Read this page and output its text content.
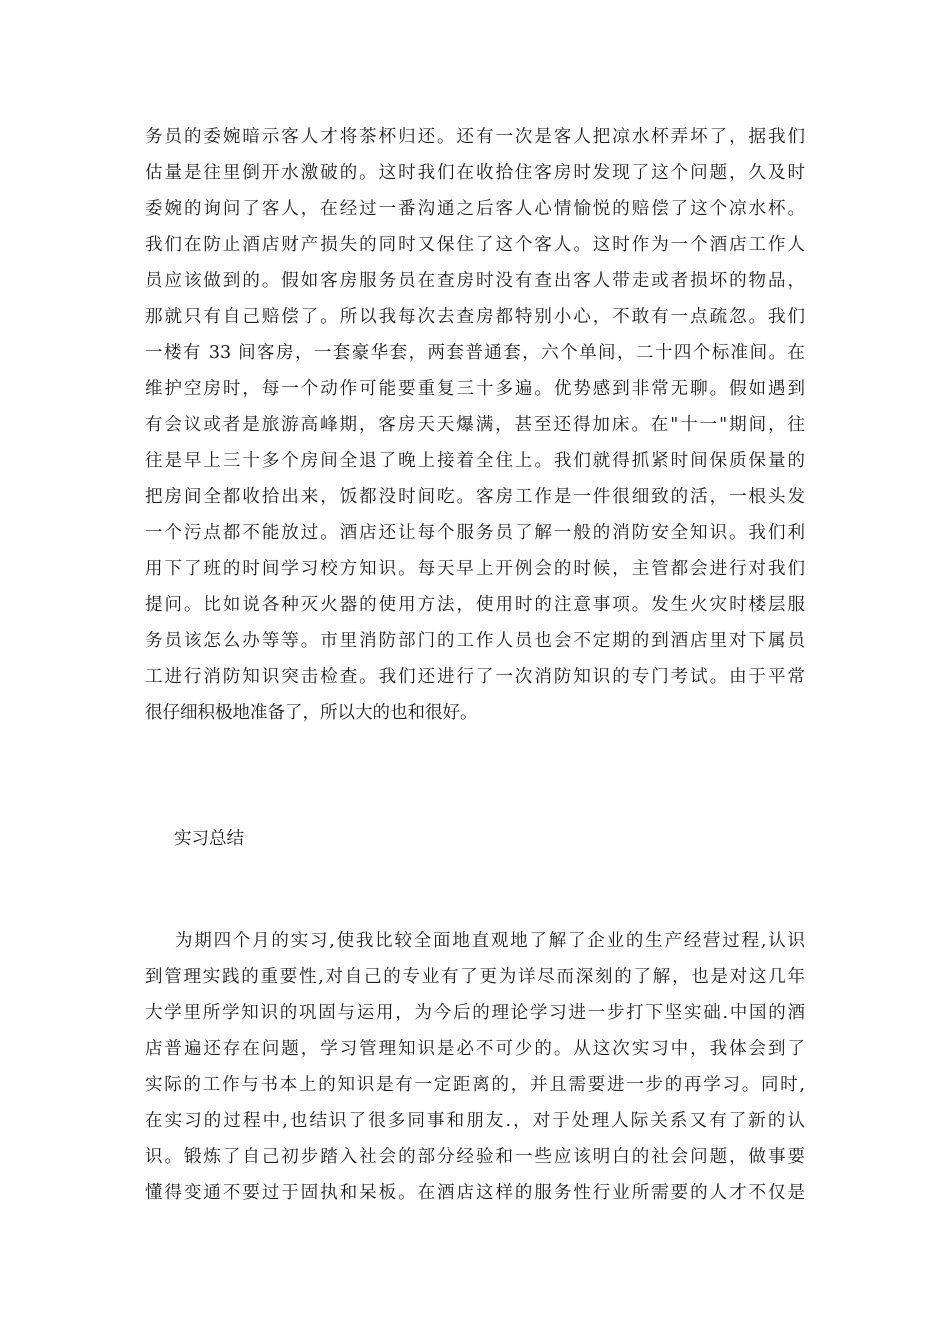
务员的委婉暗示客人才将茶杯归还。还有一次是客人把凉水杯弄坏了，据我们
估量是往里倒开水激破的。这时我们在收拾住客房时发现了这个问题，久及时
委婉的询问了客人，在经过一番沟通之后客人心情愉悦的赔偿了这个凉水杯。
我们在防止酒店财产损失的同时又保住了这个客人。这时作为一个酒店工作人
员应该做到的。假如客房服务员在查房时没有查出客人带走或者损坏的物品，
那就只有自己赔偿了。所以我每次去查房都特别小心，不敢有一点疏忽。我们
一楼有 33 间客房，一套豪华套，两套普通套，六个单间，二十四个标准间。在
维护空房时，每一个动作可能要重复三十多遍。优势感到非常无聊。假如遇到
有会议或者是旅游高峰期，客房天天爆满，甚至还得加床。在"十一"期间，往
往是早上三十多个房间全退了晚上接着全住上。我们就得抓紧时间保质保量的
把房间全都收拾出来，饭都没时间吃。客房工作是一件很细致的活，一根头发
一个污点都不能放过。酒店还让每个服务员了解一般的消防安全知识。我们利
用下了班的时间学习校方知识。每天早上开例会的时候，主管都会进行对我们
提问。比如说各种灭火器的使用方法，使用时的注意事项。发生火灾时楼层服
务员该怎么办等等。市里消防部门的工作人员也会不定期的到酒店里对下属员
工进行消防知识突击检查。我们还进行了一次消防知识的专门考试。由于平常
很仔细积极地准备了，所以大的也和很好。
实习总结
为期四个月的实习,使我比较全面地直观地了解了企业的生产经营过程,认识
到管理实践的重要性,对自己的专业有了更为详尽而深刻的了解，也是对这几年
大学里所学知识的巩固与运用，为今后的理论学习进一步打下坚实础.中国的酒
店普遍还存在问题，学习管理知识是必不可少的。从这次实习中，我体会到了
实际的工作与书本上的知识是有一定距离的，并且需要进一步的再学习。同时,
在实习的过程中,也结识了很多同事和朋友.，对于处理人际关系又有了新的认
识。锻炼了自己初步踏入社会的部分经验和一些应该明白的社会问题，做事要
懂得变通不要过于固执和呆板。在酒店这样的服务性行业所需要的人才不仅是
